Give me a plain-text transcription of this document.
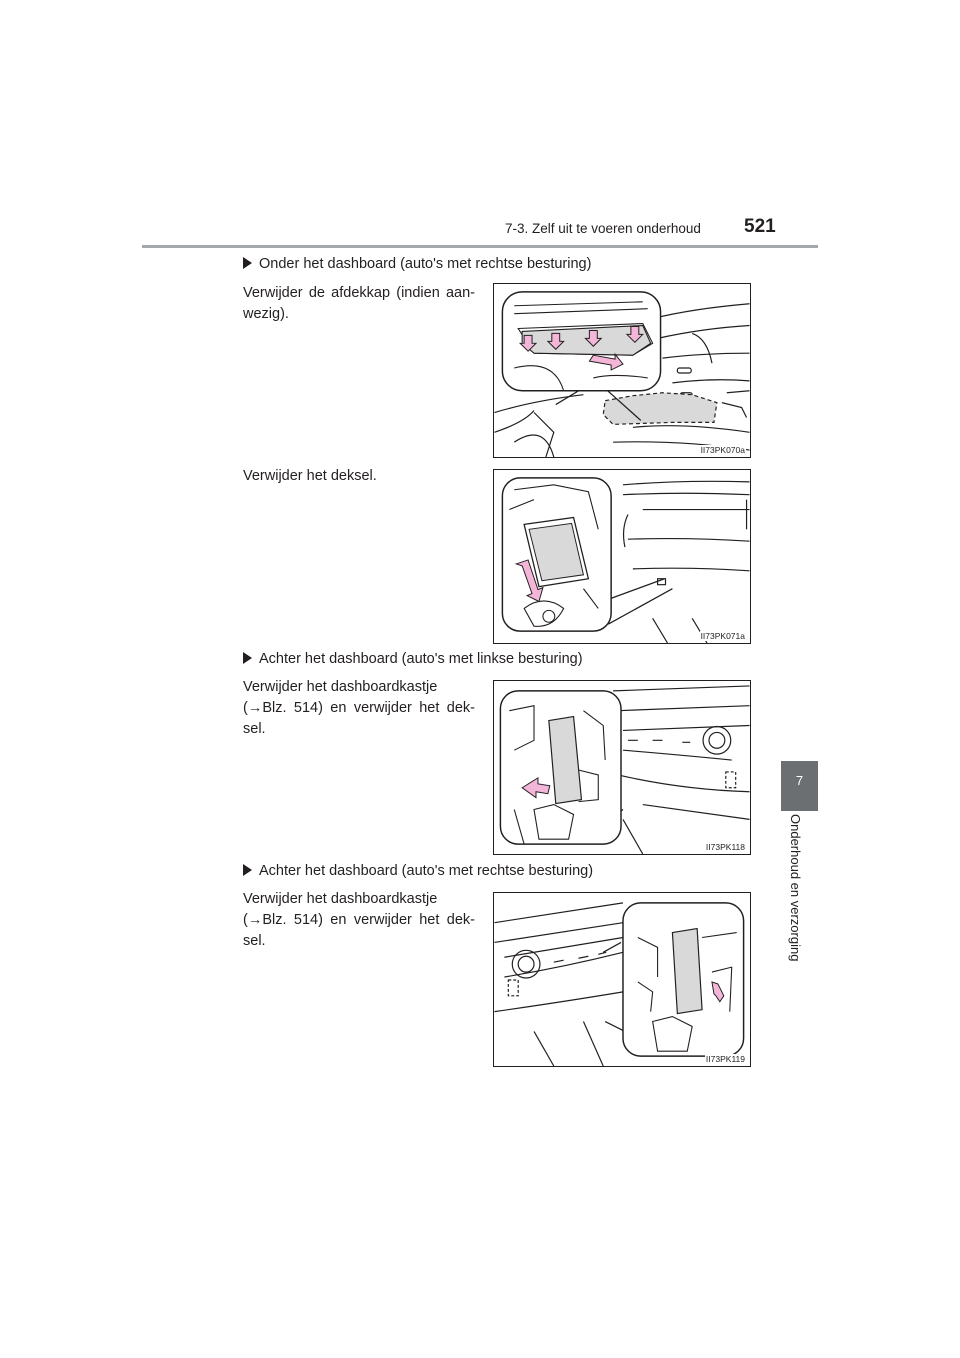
7-3. Zelf uit te voeren onderhoud 521
7
Onderhoud en verzorging
Onder het dashboard (auto's met rechtse besturing)
Verwijder de afdekkap (indien aan-
wezig).
II73PK070a
Verwijder het deksel.
II73PK071a
Achter het dashboard (auto's met linkse besturing)
Verwijder het dashboardkastje
(→Blz. 514) en verwijder het dek-
sel.
II73PK118
Achter het dashboard (auto's met rechtse besturing)
Verwijder het dashboardkastje
(→Blz. 514) en verwijder het dek-
sel.
II73PK119
